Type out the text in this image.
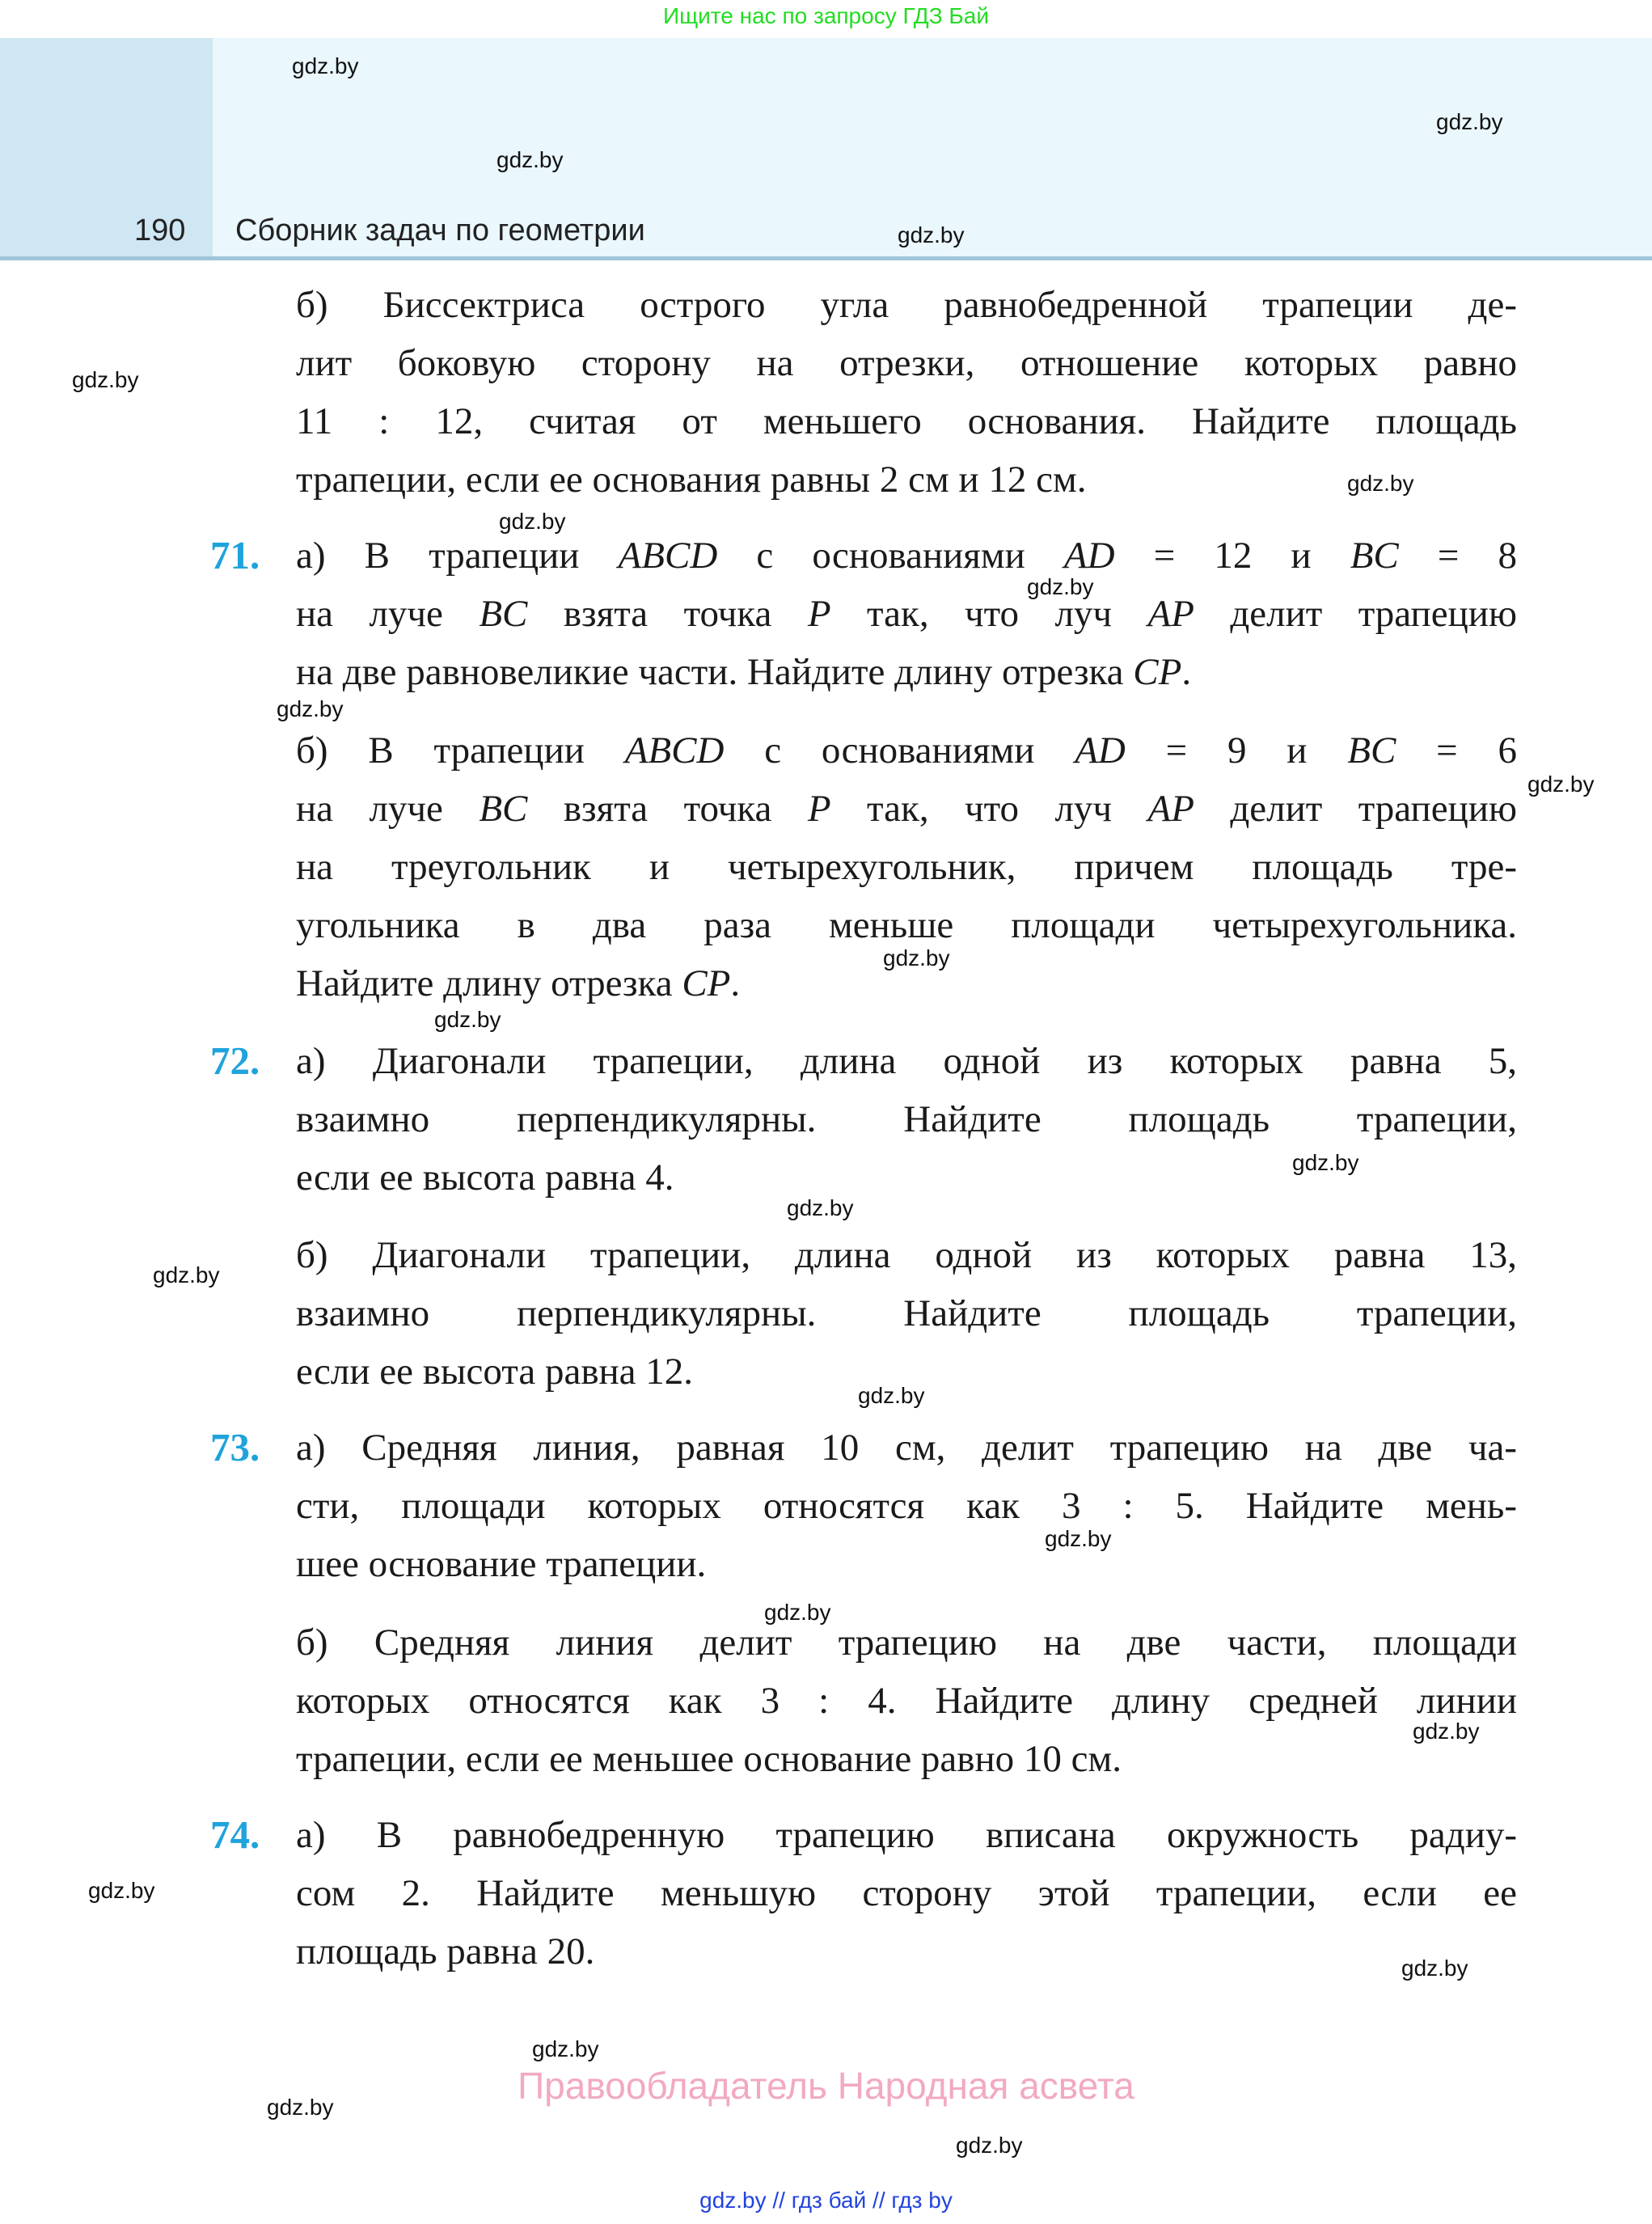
Ищите нас по запросу ГДЗ Бай
190 Сборник задач по геометрии
б) Биссектриса острого угла равнобедренной трапеции де-
лит боковую сторону на отрезки, отношение которых равно
11 : 12, считая от меньшего основания. Найдите площадь
трапеции, если ее основания равны 2 см и 12 см.
71. а) В трапеции ABCD с основаниями AD = 12 и BC = 8
на луче BC взята точка P так, что луч AP делит трапецию
на две равновеликие части. Найдите длину отрезка CP.
б) В трапеции ABCD с основаниями AD = 9 и BC = 6
на луче BC взята точка P так, что луч AP делит трапецию
на треугольник и четырехугольник, причем площадь тре-
угольника в два раза меньше площади четырехугольника.
Найдите длину отрезка CP.
72. а) Диагонали трапеции, длина одной из которых равна 5,
взаимно перпендикулярны. Найдите площадь трапеции,
если ее высота равна 4.
б) Диагонали трапеции, длина одной из которых равна 13,
взаимно перпендикулярны. Найдите площадь трапеции,
если ее высота равна 12.
73. а) Средняя линия, равная 10 см, делит трапецию на две ча-
сти, площади которых относятся как 3 : 5. Найдите мень-
шее основание трапеции.
б) Средняя линия делит трапецию на две части, площади
которых относятся как 3 : 4. Найдите длину средней линии
трапеции, если ее меньшее основание равно 10 см.
74. а) В равнобедренную трапецию вписана окружность радиу-
сом 2. Найдите меньшую сторону этой трапеции, если ее
площадь равна 20.
gdz.by
gdz.by
gdz.by
gdz.by
gdz.by
gdz.by
gdz.by
gdz.by
gdz.by
gdz.by
gdz.by
gdz.by
gdz.by
gdz.by
gdz.by
gdz.by
gdz.by
gdz.by
gdz.by
gdz.by
gdz.by
gdz.by
gdz.by
gdz.by
Правообладатель Народная асвета
gdz.by // гдз бай // гдз by
